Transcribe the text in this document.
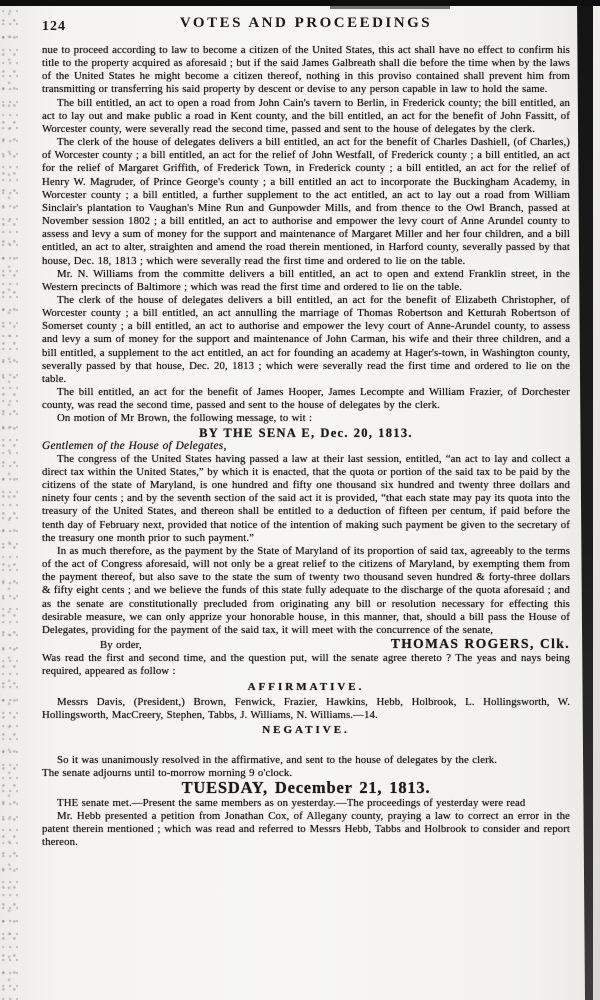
124	VOTES AND PROCEEDINGS

nue to proceed according to law to become a citizen of the United States, this act shall have no effect to confirm his title to the property acquired as aforesaid ; but if the said James Galbreath shall die before the time when by the laws of the United States he might become a citizen thereof, nothing in this proviso contained shall prevent him from transmitting or transferring his said property by descent or devise to any person capable in law to hold the same.

The bill entitled, an act to open a road from John Cain's tavern to Berlin, in Frederick county; the bill entitled, an act to lay out and make public a road in Kent county, and the bill entitled, an act for the benefit of John Fassitt, of Worcester county, were severally read the second time, passed and sent to the house of delegates by the clerk.

The clerk of the house of delegates delivers a bill entitled, an act for the benefit of Charles Dashiell, (of Charles,) of Worcester county ; a bill entitled, an act for the relief of John Westfall, of Frederick county ; a bill entitled, an act for the relief of Margaret Griffith, of Frederick Town, in Frederick county ; a bill entitled, an act for the relief of Henry W. Magruder, of Prince George's county ; a bill entitled an act to incorporate the Buckingham Academy, in Worcester county ; a bill entitled, a further supplement to the act entitled, an act to lay out a road from William Sinclair's plantation to Vaughan's Mine Run and Gunpowder Mills, and from thence to the Owl Branch, passed at November session 1802 ; a bill entitled, an act to authorise and empower the levy court of Anne Arundel county to assess and levy a sum of money for the support and maintenance of Margaret Miller and her four children, and a bill entitled, an act to alter, straighten and amend the road therein mentioned, in Harford county, severally passed by that house, Dec. 18, 1813 ; which were severally read the first time and ordered to lie on the table.

Mr. N. Williams from the committe delivers a bill entitled, an act to open and extend Franklin street, in the Western precincts of Baltimore ; which was read the first time and ordered to lie on the table.

The clerk of the house of delegates delivers a bill entitled, an act for the benefit of Elizabeth Christopher, of Worcester county ; a bill entitled, an act annulling the marriage of Thomas Robertson and Ketturah Robertson of Somerset county ; a bill entitled, an act to authorise and empower the levy court of Anne-Arundel county, to assess and levy a sum of money for the support and maintenance of John Carman, his wife and their three children, and a bill entitled, a supplement to the act entitled, an act for founding an academy at Hager's-town, in Washington county, severally passed by that house, Dec. 20, 1813 ; which were severally read the first time and ordered to lie on the table.

The bill entitled, an act for the benefit of James Hooper, James Lecompte and William Frazier, of Dorchester county, was read the second time, passed and sent to the house of delegates by the clerk.

On motion of Mr Brown, the following message, to wit :

BY THE SENA E, Dec. 20, 1813.

Gentlemen of the House of Delegates,

The congress of the United States having passed a law at their last session, entitled, “an act to lay and collect a direct tax within the United States,” by which it is enacted, that the quota or portion of the said tax to be paid by the citizens of the state of Maryland, is one hundred and fifty one thousand six hundred and twenty three dollars and ninety four cents ; and by the seventh section of the said act it is provided, “that each state may pay its quota into the treasury of the United States, and thereon shall be entitled to a deduction of fifteen per centum, if paid before the tenth day of February next, provided that notice of the intention of making such payment be given to the secretary of the treasury one month prior to such payment.”

In as much therefore, as the payment by the State of Maryland of its proportion of said tax, agreeably to the terms of the act of Congress aforesaid, will not only be a great relief to the citizens of Maryland, by exempting them from the payment thereof, but also save to the state the sum of twenty two thousand seven hundred & forty-three dollars & fifty eight cents ; and we believe the funds of this state fully adequate to the discharge of the quota aforesaid ; and as the senate are constitutionally precluded from originating any bill or resolution necessary for effecting this desirable measure, we can only apprize your honorable house, in this manner, that, should a bill pass the House of Delegates, providing for the payment of the said tax, it will meet with the concurrence of the senate,

By order,	THOMAS ROGERS, Clk.

Was read the first and second time, and the question put, will the senate agree thereto ? The yeas and nays being required, appeared as follow :

AFFIRMATIVE.

Messrs Davis, (President,) Brown, Fenwick, Frazier, Hawkins, Hebb, Holbrook, L. Hollingsworth, W. Hollingsworth, MacCreery, Stephen, Tabbs, J. Williams, N. Williams.—14.

NEGATIVE.

So it was unanimously resolved in the affirmative, and sent to the house of delegates by the clerk.

The senate adjourns until to-morrow morning 9 o'clock.

TUESDAY, December 21, 1813.

THE senate met.—Present the same members as on yesterday.—The proceedings of yesterday were read

Mr. Hebb presented a petition from Jonathan Cox, of Allegany county, praying a law to correct an error in the patent therein mentioned ; which was read and referred to Messrs Hebb, Tabbs and Holbrook to consider and report thereon.
